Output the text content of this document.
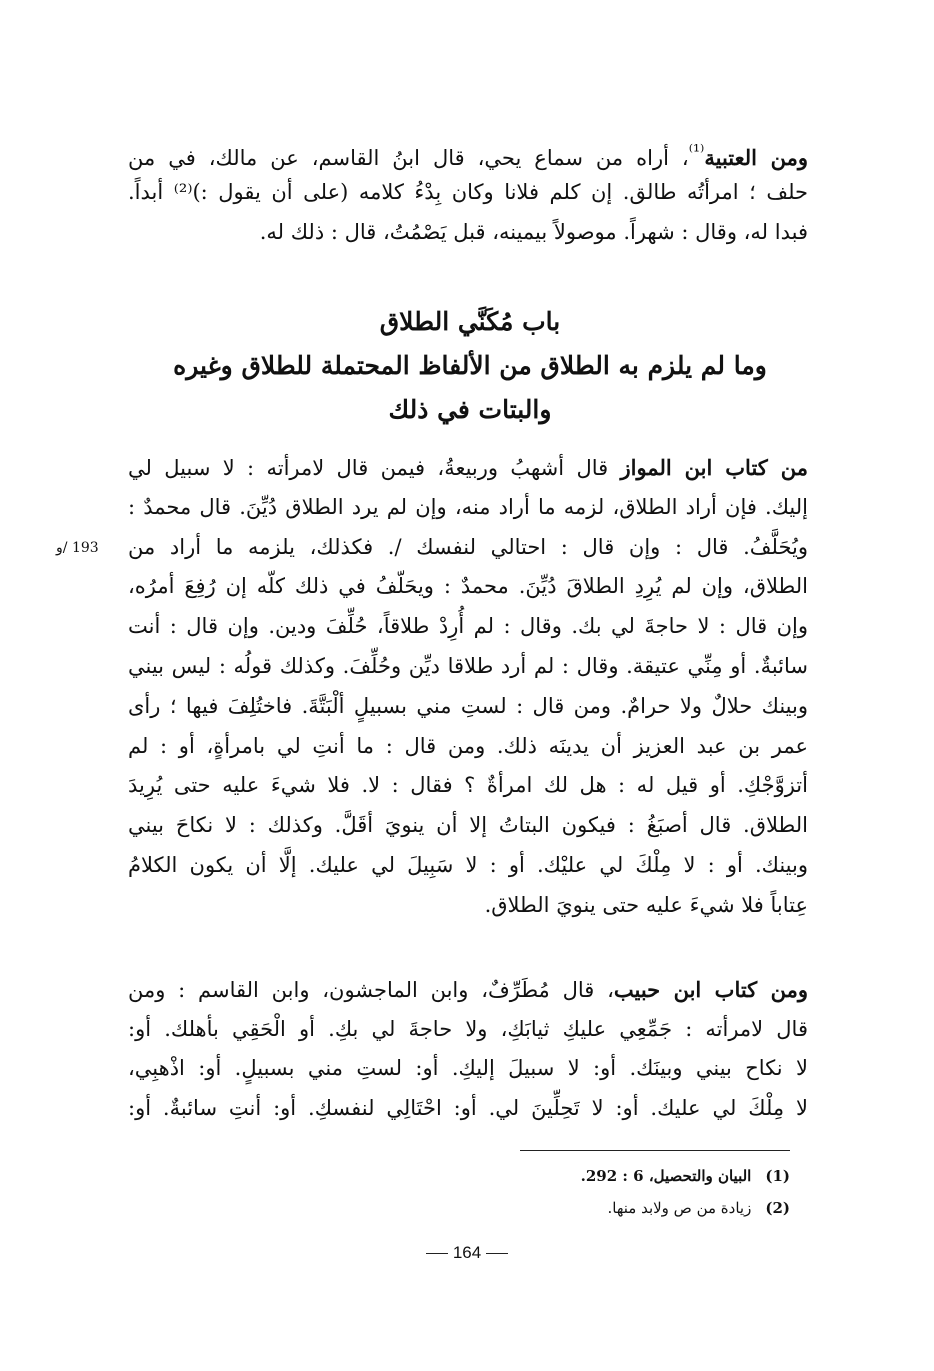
ومن العتبية$^{^{(1)}}$، أراه من سماع يحي، قال ابنُ القاسم، عن مالك، في من
حلف ؛ امرأتُه طالق. إن كلم فلانا وكان بِدْءُ كلامه (على أن يقول :)⁽²⁾ أبداً.
فبدا له، وقال : شهراً. موصولاً بيمينه، قبل يَصْمُتُ، قال : ذلك له.
باب مُكَنَّي الطلاق
وما لم يلزم به الطلاق من الألفاظ المحتملة للطلاق وغيره
والبتات في ذلك
من كتاب ابن المواز قال أشهبُ وربيعةُ، فيمن قال لامرأته : لا سبيل لي
إليك. فإن أراد الطلاق، لزمه ما أراد منه، وإن لم يرد الطلاق دُيِّنَ. قال محمدٌ :
ويُحَلَّفُ. قال : وإن قال : احتالي لنفسك /. فكذلك، يلزمه ما أراد من
الطلاق، وإن لم يُرِدِ الطلاقَ دُيِّنَ. محمدٌ : ويحَلّفُ في ذلك كلّه إن رُفِعَ أمرُه،
وإن قال : لا حاجةَ لي بك. وقال : لم أُرِدْ طلاقاً، حُلِّفَ ودين. وإن قال : أنت
سائبةٌ. أو مِنِّي عتيقة. وقال : لم أرد طلاقا ديِّن وحُلِّفَ. وكذلك قولُه : ليس بيني
وبينك حلالٌ ولا حرامٌ. ومن قال : لستِ مني بسبيلٍ ألْبَتَّةَ. فاختُلِفَ فيها ؛ رأى
عمر بن عبد العزيز أن يدينَه ذلك. ومن قال : ما أنتِ لي بامرأةٍ، أو : لم
أتزوَّجْكِ. أو قيل له : هل لك امرأةٌ ؟ فقال : لا. فلا شيءَ عليه حتى يُرِيدَ
الطلاق. قال أصبَغُ : فيكون البتاتُ إلا أن ينويَ أقَلَّ. وكذلك : لا نكاحَ بيني
وبينك. أو : لا مِلْكَ لي عليْك. أو : لا سَبِيلَ لي عليك. إلَّا أن يكون الكلامُ
عِتاباً فلا شيءَ عليه حتى ينويَ الطلاق.
193 /و
ومن كتاب ابن حبيب، قال مُطَرِّفٌ، وابن الماجشون، وابن القاسم : ومن
قال لامرأته : جَمِّعِي عليكِ ثيابَكِ، ولا حاجةَ لي بكِ. أو الْحَقِي بأهلك. أو:
لا نكاح بيني وبينَك. أو: لا سبيلَ إليكِ. أو: لستِ مني بسبيلٍ. أو: اذْهبِي،
لا مِلْكَ لي عليك. أو: لا تَحِلِّينَ لي. أو: احْتَالِي لنفسكِ. أو: أنتِ سائبةٌ. أو:
(1)البيان والتحصيل، 6 : 292.
(2)زيادة من ص ولابد منها.
164
